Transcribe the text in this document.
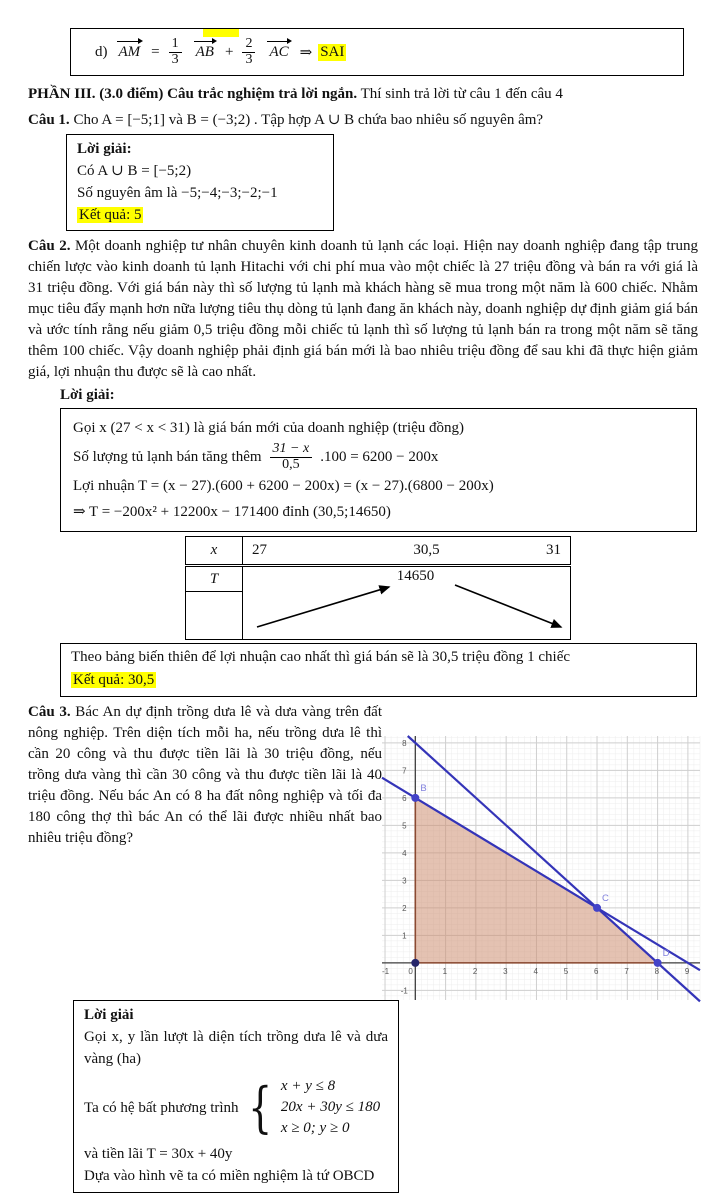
d) AM = $\frac{1}{3}$ AB + $\frac{2}{3}$ AC ⇒ SAI

PHẦN III. (3.0 điểm) Câu trắc nghiệm trả lời ngắn. Thí sinh trả lời từ câu 1 đến câu 4

Câu 1. Cho A = [−5;1] và B = (−3;2) . Tập hợp A ∪ B chứa bao nhiêu số nguyên âm?

Lời giải:
Có A ∪ B = [−5;2)
Số nguyên âm là −5;−4;−3;−2;−1
Kết quả: 5

Câu 2. Một doanh nghiệp tư nhân chuyên kinh doanh tủ lạnh các loại. Hiện nay doanh nghiệp đang tập trung chiến lược vào kinh doanh tủ lạnh Hitachi với chi phí mua vào một chiếc là 27 triệu đồng và bán ra với giá là 31 triệu đồng. Với giá bán này thì số lượng tủ lạnh mà khách hàng sẽ mua trong một năm là 600 chiếc. Nhằm mục tiêu đẩy mạnh hơn nữa lượng tiêu thụ dòng tủ lạnh đang ăn khách này, doanh nghiệp dự định giảm giá bán và ước tính rằng nếu giảm 0,5 triệu đồng mỗi chiếc tủ lạnh thì số lượng tủ lạnh bán ra trong một năm sẽ tăng thêm 100 chiếc. Vậy doanh nghiệp phải định giá bán mới là bao nhiêu triệu đồng để sau khi đã thực hiện giảm giá, lợi nhuận thu được sẽ là cao nhất.

Lời giải:

Gọi x (27 < x < 31) là giá bán mới của doanh nghiệp (triệu đồng)
Số lượng tủ lạnh bán tăng thêm $\frac{31 - x}{0,5} .100 = 6200 - 200x$
Lợi nhuận T = (x − 27).(600 + 6200 − 200x) = (x − 27).(6800 − 200x)
⇒ T = −200x² + 12200x − 171400 đỉnh (30,5;14650)
x	27 30,5 31

T	14650

Theo bảng biến thiên để lợi nhuận cao nhất thì giá bán sẽ là 30,5 triệu đồng 1 chiếc
Kết quả: 30,5
-1 0	1	2	3	4	5	6	7	8	9
-1
1
2
3
4
5
6
7
8
B
C
D

Câu 3. Bác An dự định trồng dưa lê và dưa vàng trên đất nông nghiệp. Trên diện tích mỗi ha, nếu trồng dưa lê thì cần 20 công và thu được tiền lãi là 30 triệu đồng, nếu trồng dưa vàng thì cần 30 công và thu được tiền lãi là 40 triệu đồng. Nếu bác An có 8 ha đất nông nghiệp và tối đa 180 công thợ thì bác An có thể lãi được nhiều nhất bao nhiêu triệu đồng?

Lời giải
Gọi x, y lần lượt là diện tích trồng dưa lê và dưa vàng (ha)
Ta có hệ bất phương trình { x + y ≤ 8
20x + 30y ≤ 180
x ≥ 0; y ≥ 0
và tiền lãi T = 30x + 40y
Dựa vào hình vẽ ta có miền nghiệm là tứ OBCD
